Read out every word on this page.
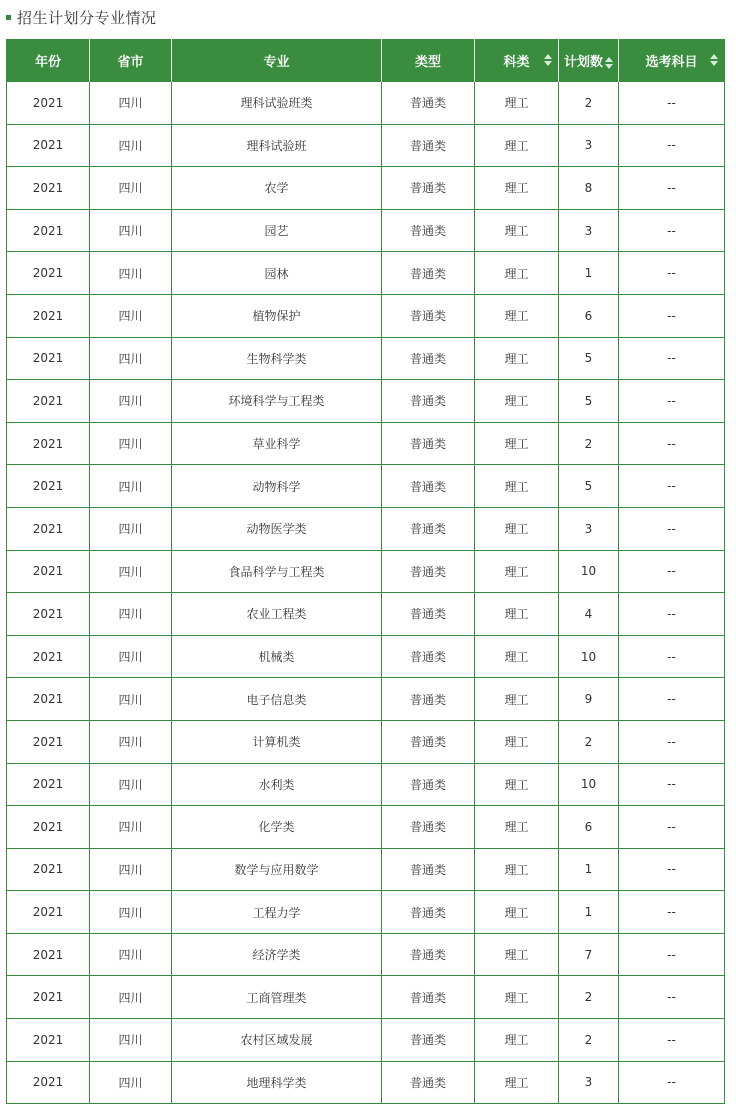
招生计划分专业情况
年份	省市	专业	类型	科类	计划数	选考科目

2021	四川	理科试验班类	普通类	理工	2	--
2021	四川	理科试验班	普通类	理工	3	--
2021	四川	农学	普通类	理工	8	--
2021	四川	园艺	普通类	理工	3	--
2021	四川	园林	普通类	理工	1	--
2021	四川	植物保护	普通类	理工	6	--
2021	四川	生物科学类	普通类	理工	5	--
2021	四川	环境科学与工程类	普通类	理工	5	--
2021	四川	草业科学	普通类	理工	2	--
2021	四川	动物科学	普通类	理工	5	--
2021	四川	动物医学类	普通类	理工	3	--
2021	四川	食品科学与工程类	普通类	理工	10	--
2021	四川	农业工程类	普通类	理工	4	--
2021	四川	机械类	普通类	理工	10	--
2021	四川	电子信息类	普通类	理工	9	--
2021	四川	计算机类	普通类	理工	2	--
2021	四川	水利类	普通类	理工	10	--
2021	四川	化学类	普通类	理工	6	--
2021	四川	数学与应用数学	普通类	理工	1	--
2021	四川	工程力学	普通类	理工	1	--
2021	四川	经济学类	普通类	理工	7	--
2021	四川	工商管理类	普通类	理工	2	--
2021	四川	农村区域发展	普通类	理工	2	--
2021	四川	地理科学类	普通类	理工	3	--
